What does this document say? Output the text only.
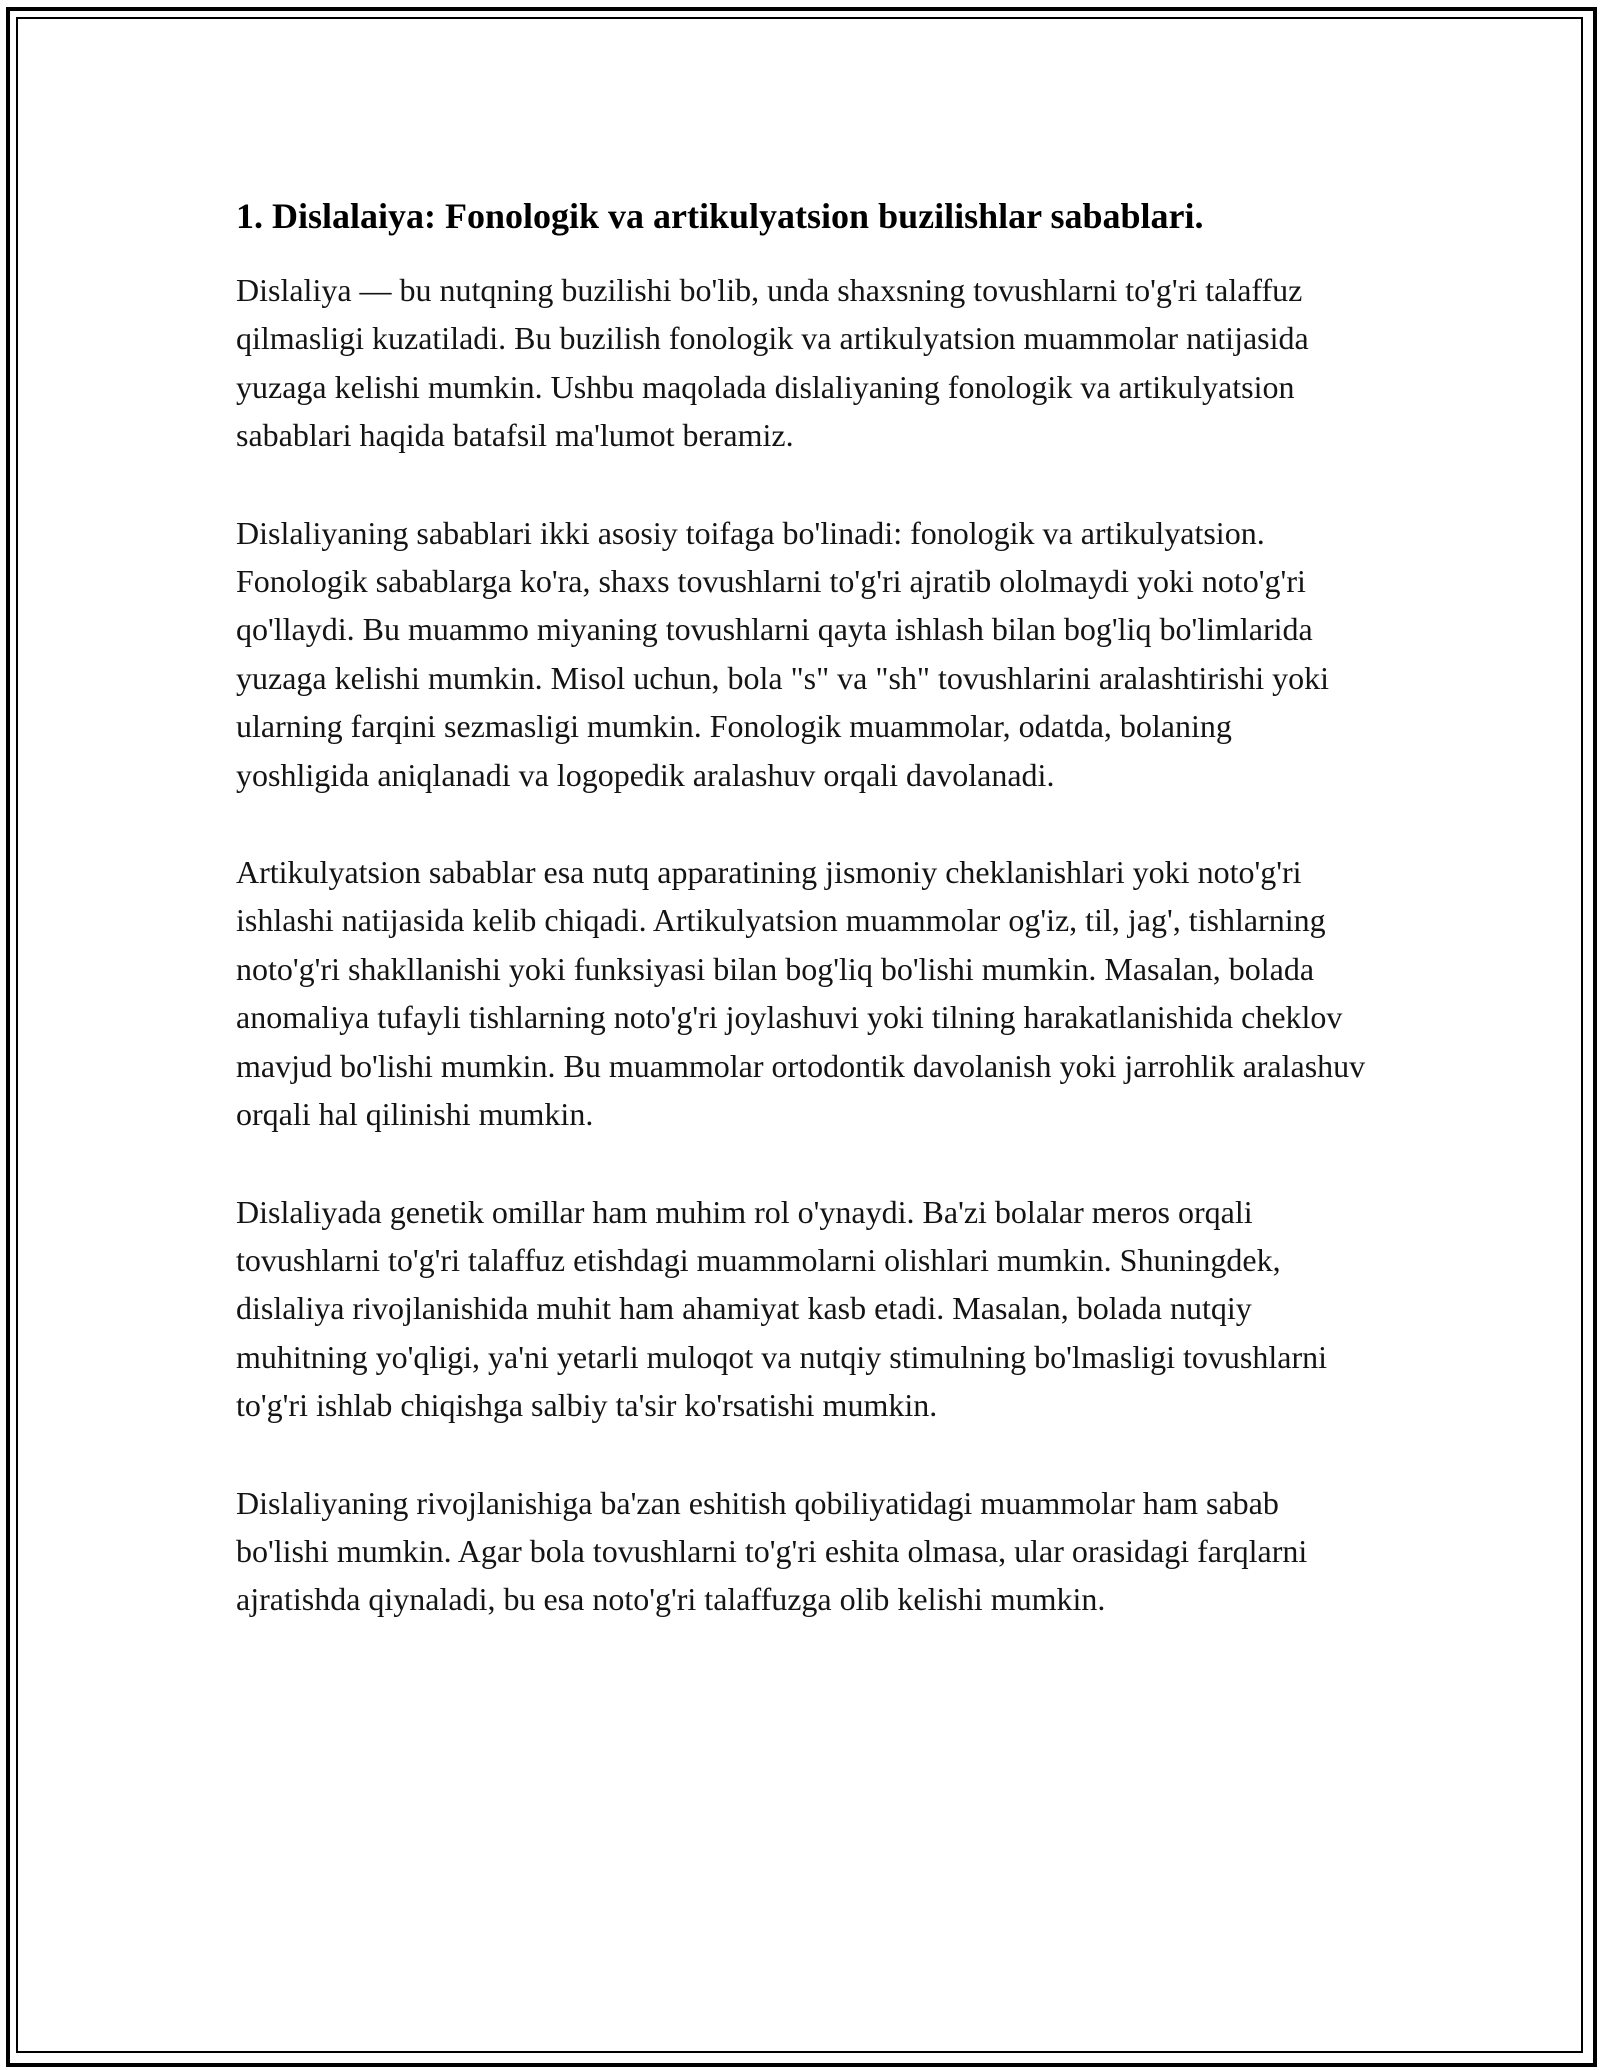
1. Dislalaiya: Fonologik va artikulyatsion buzilishlar sabablari.

Dislaliya — bu nutqning buzilishi bo'lib, unda shaxsning tovushlarni to'g'ri talaffuz qilmasligi kuzatiladi. Bu buzilish fonologik va artikulyatsion muammolar natijasida yuzaga kelishi mumkin. Ushbu maqolada dislaliyaning fonologik va artikulyatsion sabablari haqida batafsil ma'lumot beramiz.

Dislaliyaning sabablari ikki asosiy toifaga bo'linadi: fonologik va artikulyatsion. Fonologik sabablarga ko'ra, shaxs tovushlarni to'g'ri ajratib ololmaydi yoki noto'g'ri qo'llaydi. Bu muammo miyaning tovushlarni qayta ishlash bilan bog'liq bo'limlarida yuzaga kelishi mumkin. Misol uchun, bola "s" va "sh" tovushlarini aralashtirishi yoki ularning farqini sezmasligi mumkin. Fonologik muammolar, odatda, bolaning yoshligida aniqlanadi va logopedik aralashuv orqali davolanadi.

Artikulyatsion sabablar esa nutq apparatining jismoniy cheklanishlari yoki noto'g'ri ishlashi natijasida kelib chiqadi. Artikulyatsion muammolar og'iz, til, jag', tishlarning noto'g'ri shakllanishi yoki funksiyasi bilan bog'liq bo'lishi mumkin. Masalan, bolada anomaliya tufayli tishlarning noto'g'ri joylashuvi yoki tilning harakatlanishida cheklov mavjud bo'lishi mumkin. Bu muammolar ortodontik davolanish yoki jarrohlik aralashuv orqali hal qilinishi mumkin.

Dislaliyada genetik omillar ham muhim rol o'ynaydi. Ba'zi bolalar meros orqali tovushlarni to'g'ri talaffuz etishdagi muammolarni olishlari mumkin. Shuningdek, dislaliya rivojlanishida muhit ham ahamiyat kasb etadi. Masalan, bolada nutqiy muhitning yo'qligi, ya'ni yetarli muloqot va nutqiy stimulning bo'lmasligi tovushlarni to'g'ri ishlab chiqishga salbiy ta'sir ko'rsatishi mumkin.

Dislaliyaning rivojlanishiga ba'zan eshitish qobiliyatidagi muammolar ham sabab bo'lishi mumkin. Agar bola tovushlarni to'g'ri eshita olmasa, ular orasidagi farqlarni ajratishda qiynaladi, bu esa noto'g'ri talaffuzga olib kelishi mumkin.
